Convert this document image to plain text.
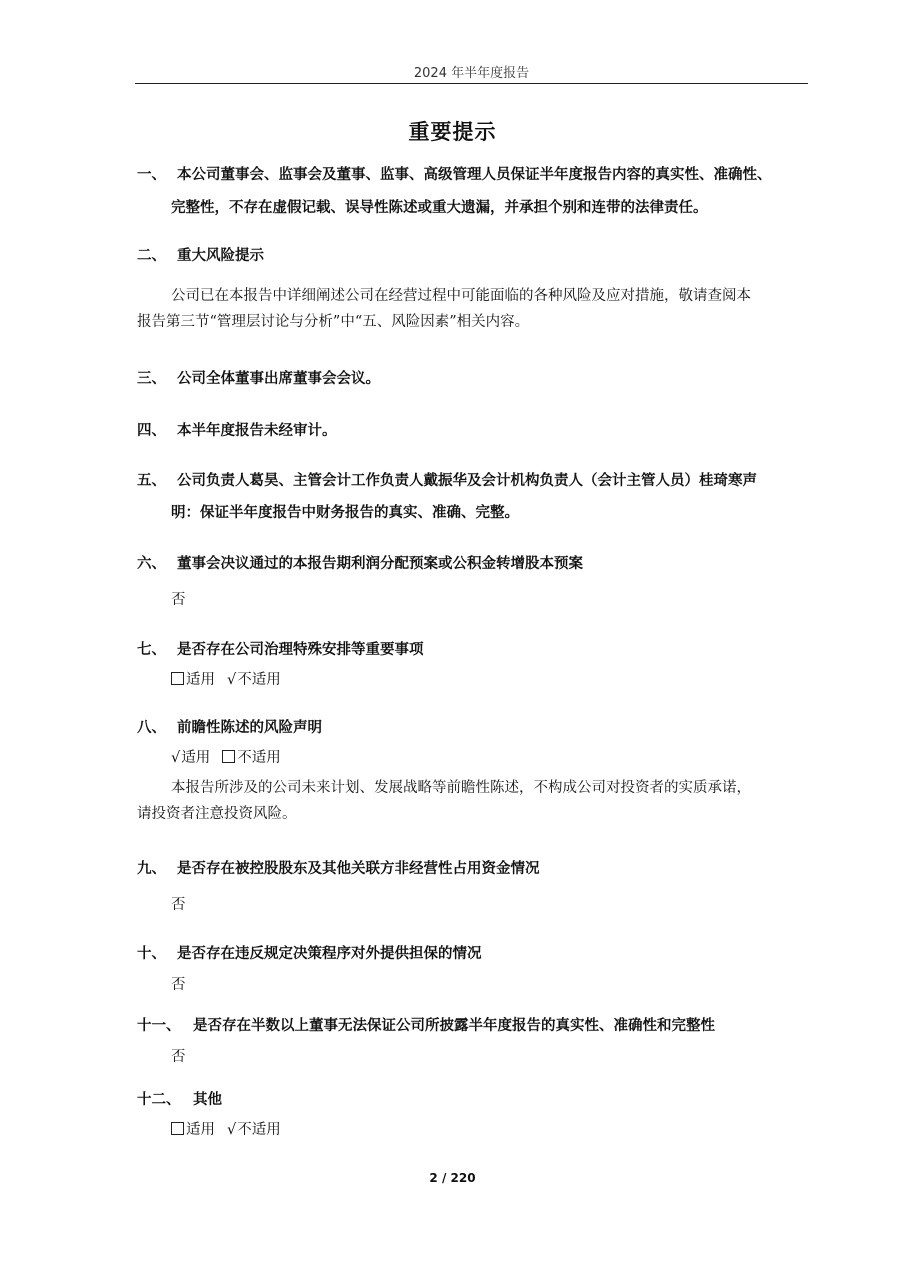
2024 年半年度报告
重要提示
一、 本公司董事会、监事会及董事、监事、高级管理人员保证半年度报告内容的真实性、准确性、
完整性，不存在虚假记载、误导性陈述或重大遗漏，并承担个别和连带的法律责任。
二、 重大风险提示
公司已在本报告中详细阐述公司在经营过程中可能面临的各种风险及应对措施，敬请查阅本
报告第三节“管理层讨论与分析”中“五、风险因素”相关内容。
三、 公司全体董事出席董事会会议。
四、 本半年度报告未经审计。
五、 公司负责人葛昊、主管会计工作负责人戴振华及会计机构负责人（会计主管人员）桂琦寒声
明：保证半年度报告中财务报告的真实、准确、完整。
六、 董事会决议通过的本报告期利润分配预案或公积金转增股本预案
否
七、 是否存在公司治理特殊安排等重要事项
适用 √不适用
八、 前瞻性陈述的风险声明
√适用 不适用
本报告所涉及的公司未来计划、发展战略等前瞻性陈述，不构成公司对投资者的实质承诺，
请投资者注意投资风险。
九、 是否存在被控股股东及其他关联方非经营性占用资金情况
否
十、 是否存在违反规定决策程序对外提供担保的情况
否
十一、 是否存在半数以上董事无法保证公司所披露半年度报告的真实性、准确性和完整性
否
十二、 其他
适用 √不适用
2 / 220
